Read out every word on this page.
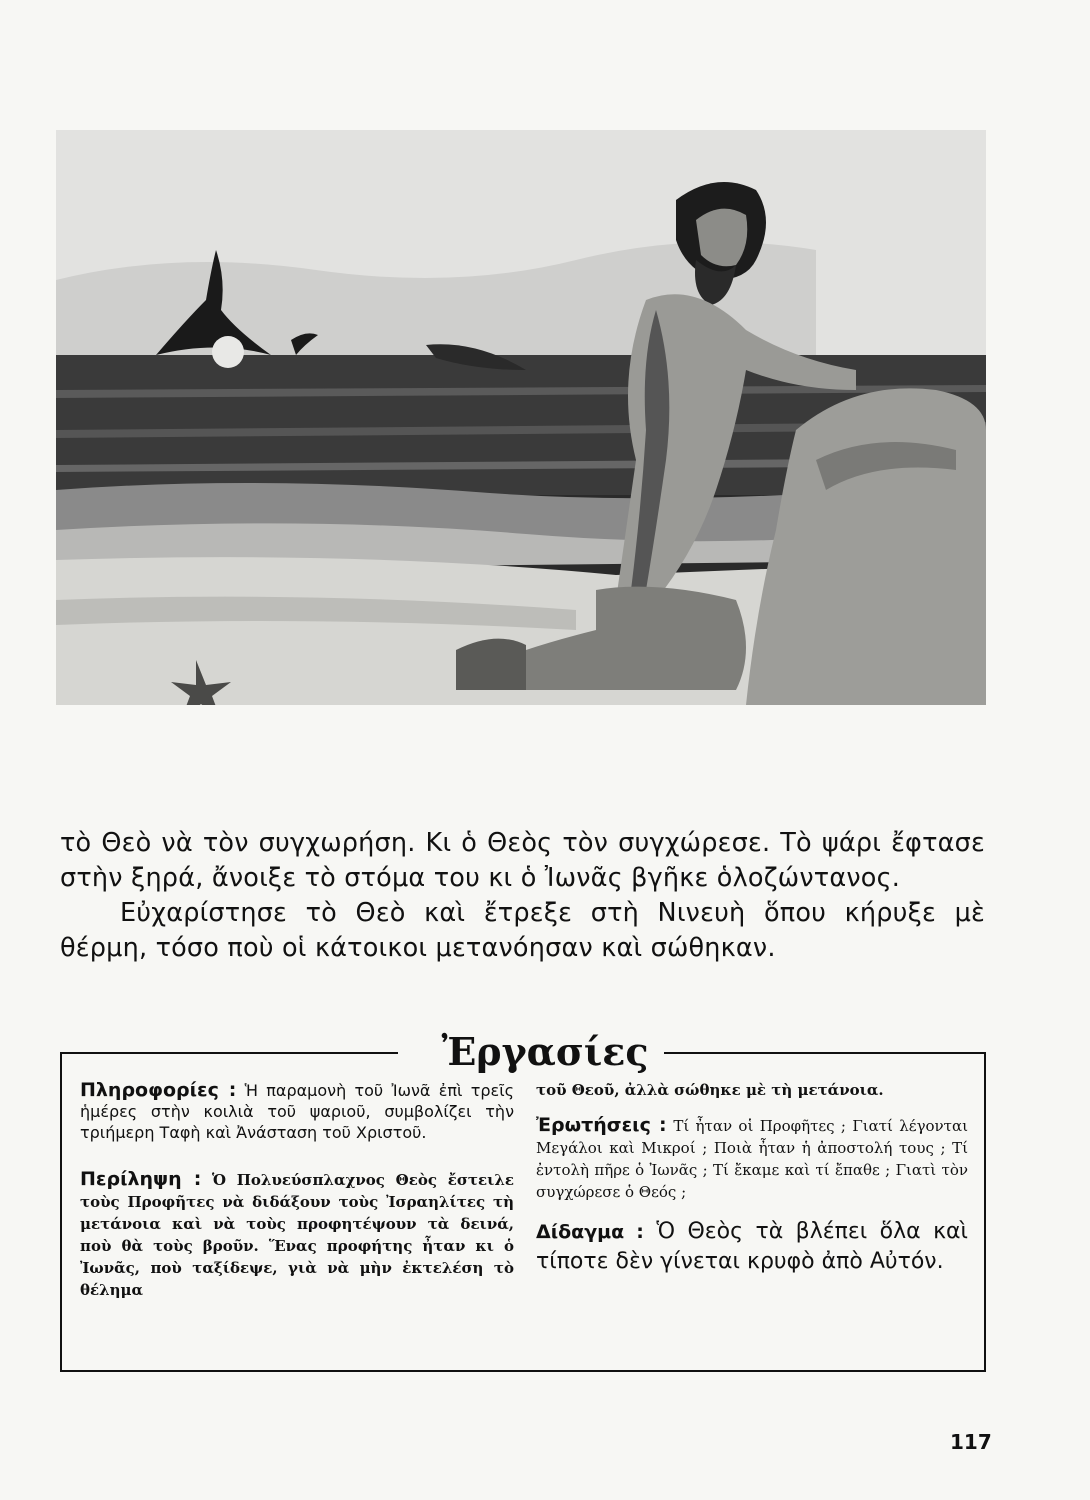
τὸ Θεὸ νὰ τὸν συγχωρήση. Κι ὁ Θεὸς τὸν συγχώρεσε. Τὸ ψάρι ἔφτασε στὴν ξηρά, ἄνοιξε τὸ στόμα του κι ὁ Ἰωνᾶς βγῆκε ὁλοζώντανος.

Εὐχαρίστησε τὸ Θεὸ καὶ ἔτρεξε στὴ Νινευὴ ὅπου κήρυξε μὲ θέρμη, τόσο ποὺ οἱ κάτοικοι μετανόησαν καὶ σώθηκαν.

Ἐργασίες

Πληροφορίες : Ἡ παραμονὴ τοῦ Ἰωνᾶ ἐπὶ τρεῖς ἡμέρες στὴν κοιλιὰ τοῦ ψαριοῦ, συμβολίζει τὴν τριήμερη Ταφὴ καὶ Ἀνάσταση τοῦ Χριστοῦ.

Περίληψη : Ὁ Πολυεύσπλαχνος Θεὸς ἔστειλε τοὺς Προφῆτες νὰ διδάξουν τοὺς Ἰσραηλίτες τὴ μετάνοια καὶ νὰ τοὺς προφητέψουν τὰ δεινά, ποὺ θὰ τοὺς βροῦν. Ἕνας προφήτης ἦταν κι ὁ Ἰωνᾶς, ποὺ ταξίδεψε, γιὰ νὰ μὴν ἐκτελέση τὸ θέλημα

τοῦ Θεοῦ, ἀλλὰ σώθηκε μὲ τὴ μετάνοια.

Ἐρωτήσεις : Τί ἦταν οἱ Προφῆτες ; Γιατί λέγονται Μεγάλοι καὶ Μικροί ; Ποιὰ ἦταν ἡ ἀποστολή τους ; Τί ἐντολὴ πῆρε ὁ Ἰωνᾶς ; Τί ἔκαμε καὶ τί ἔπαθε ; Γιατὶ τὸν συγχώρεσε ὁ Θεός ;

Δίδαγμα : Ὁ Θεὸς τὰ βλέπει ὅλα καὶ τίποτε δὲν γίνεται κρυφὸ ἀπὸ Αὐτόν.

117
